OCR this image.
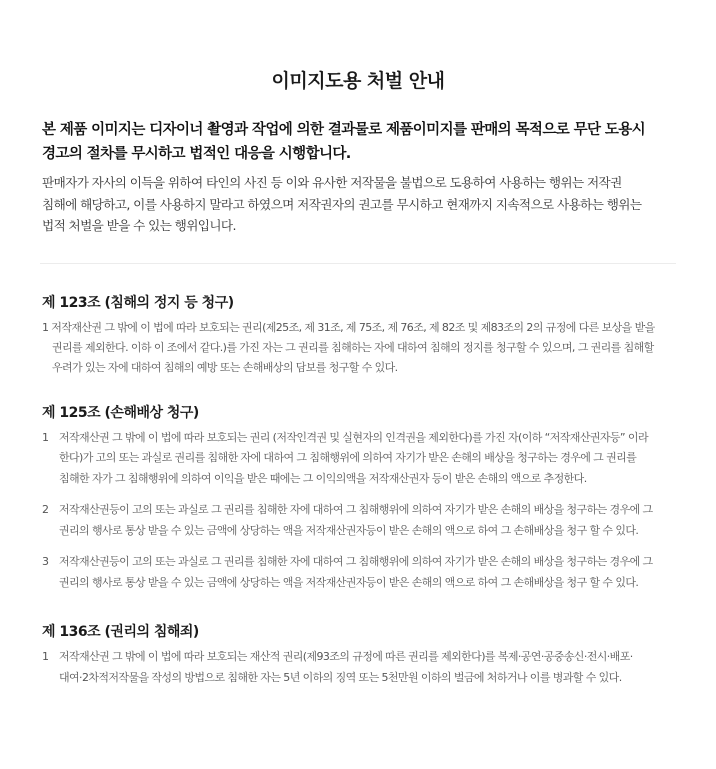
이미지도용 처벌 안내
본 제품 이미지는 디자이너 촬영과 작업에 의한 결과물로 제품이미지를 판매의 목적으로 무단 도용시
경고의 절차를 무시하고 법적인 대응을 시행합니다.
판매자가 자사의 이득을 위하여 타인의 사진 등 이와 유사한 저작물을 불법으로 도용하여 사용하는 행위는 저작권
침해에 해당하고, 이를 사용하지 말라고 하였으며 저작권자의 권고를 무시하고 현재까지 지속적으로 사용하는 행위는
법적 처벌을 받을 수 있는 행위입니다.
제 123조 (침해의 정지 등 청구)
1 저작재산권 그 밖에 이 법에 따라 보호되는 권리(제25조, 제 31조, 제 75조, 제 76조, 제 82조 및 제83조의 2의 규정에 다른 보상을 받을
권리를 제외한다. 이하 이 조에서 같다.)를 가진 자는 그 권리를 침해하는 자에 대하여 침해의 정지를 청구할 수 있으며, 그 권리를 침해할
우려가 있는 자에 대하여 침해의 예방 또는 손해배상의 담보를 청구할 수 있다.
제 125조 (손해배상 청구)
1 저작재산권 그 밖에 이 법에 따라 보호되는 권리 (저작인격권 및 실현자의 인격권을 제외한다)를 가진 자(이하 “저작재산권자등” 이라
한다)가 고의 또는 과실로 권리를 침해한 자에 대하여 그 침해행위에 의하여 자기가 받은 손해의 배상을 청구하는 경우에 그 권리를
침해한 자가 그 침해행위에 의하여 이익을 받은 때에는 그 이익의액을 저작재산권자 등이 받은 손해의 액으로 추정한다.
2 저작재산권등이 고의 또는 과실로 그 권리를 침해한 자에 대하여 그 침해행위에 의하여 자기가 받은 손해의 배상을 청구하는 경우에 그
권리의 행사로 통상 받을 수 있는 금액에 상당하는 액을 저작재산권자등이 받은 손해의 액으로 하여 그 손해배상을 청구 할 수 있다.
3 저작재산권등이 고의 또는 과실로 그 권리를 침해한 자에 대하여 그 침해행위에 의하여 자기가 받은 손해의 배상을 청구하는 경우에 그
권리의 행사로 통상 받을 수 있는 금액에 상당하는 액을 저작재산권자등이 받은 손해의 액으로 하여 그 손해배상을 청구 할 수 있다.
제 136조 (권리의 침해죄)
1 저작재산권 그 밖에 이 법에 따라 보호되는 재산적 권리(제93조의 규정에 따른 권리를 제외한다)를 복제·공연·공중송신·전시·배포·
대여·2차적저작물을 작성의 방법으로 침해한 자는 5년 이하의 징역 또는 5천만원 이하의 벌금에 처하거나 이를 병과할 수 있다.
